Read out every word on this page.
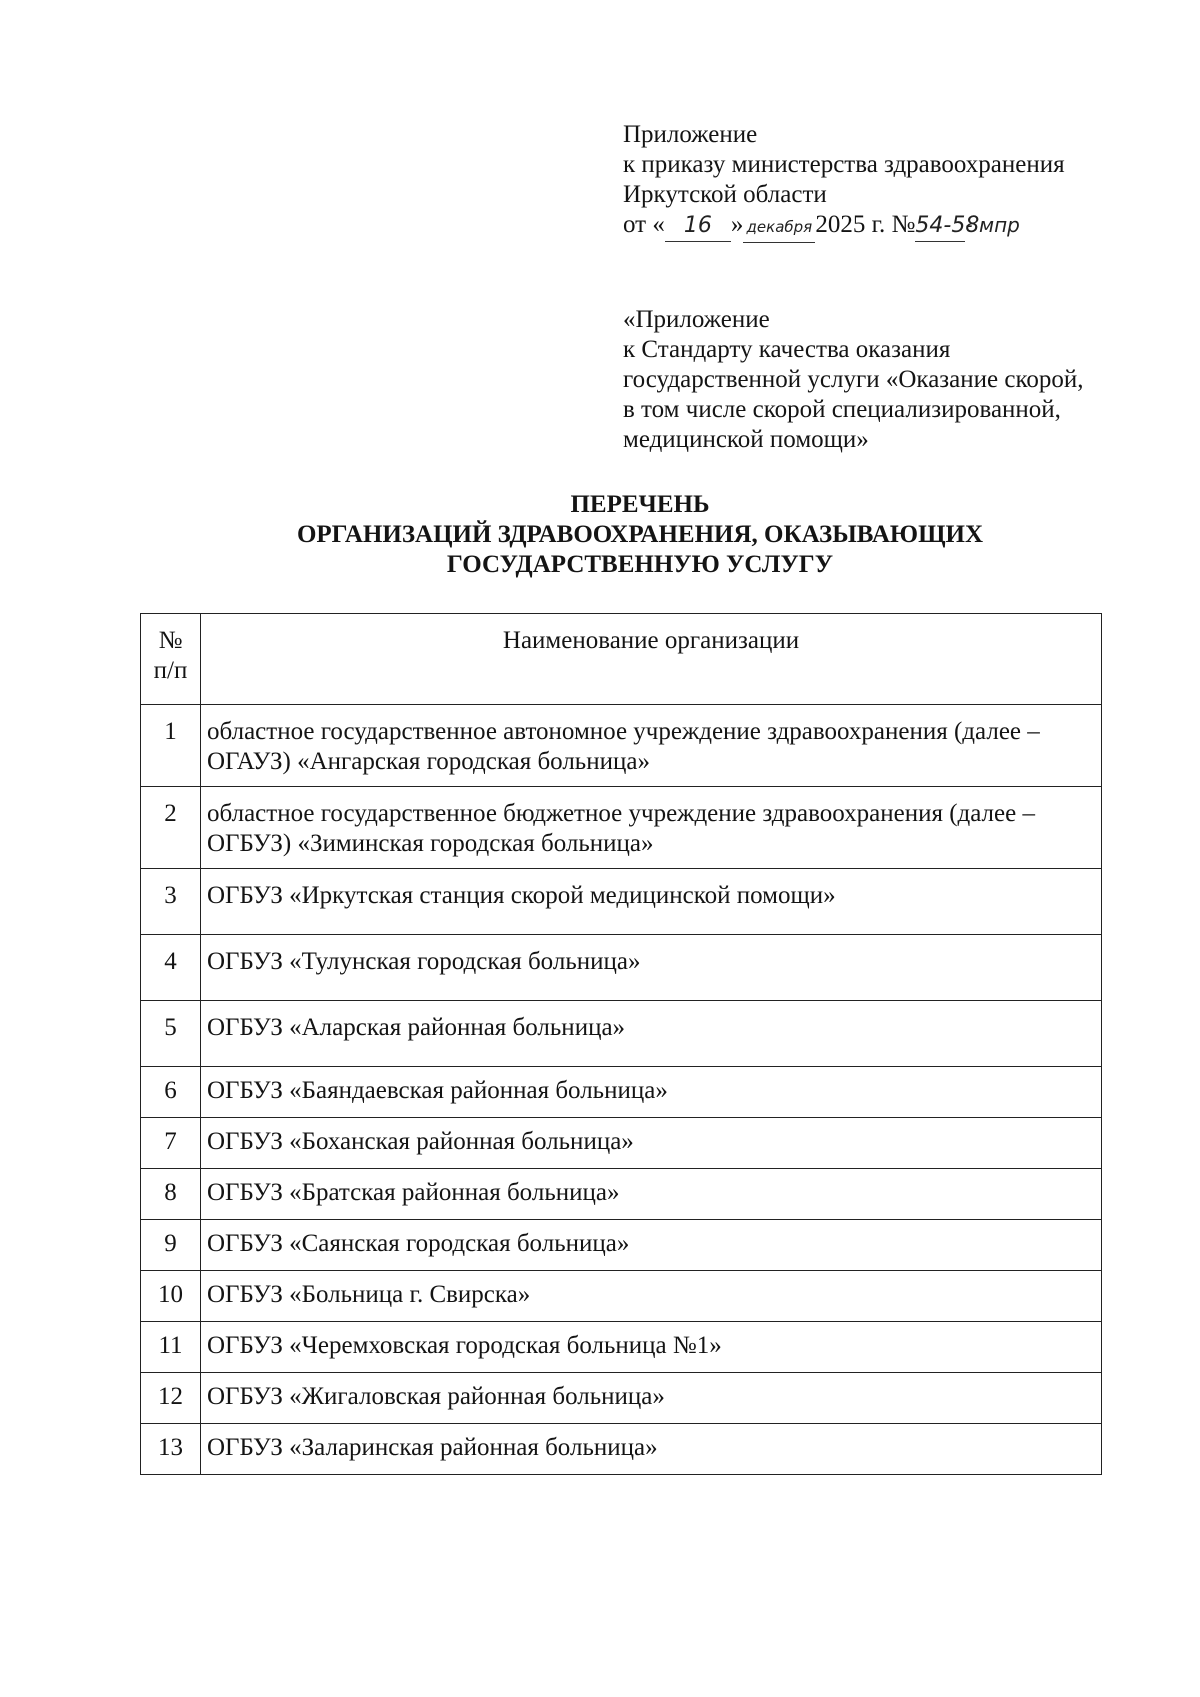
Приложение
к приказу министерства здравоохранения
Иркутской области
от « 16 » декабря 2025 г. №54-58- мпр
«Приложение
к Стандарту качества оказания
государственной услуги «Оказание скорой,
в том числе скорой специализированной,
медицинской помощи»
ПЕРЕЧЕНЬ
ОРГАНИЗАЦИЙ ЗДРАВООХРАНЕНИЯ, ОКАЗЫВАЮЩИХ
ГОСУДАРСТВЕННУЮ УСЛУГУ
№
п/п	Наименование организации
1	областное государственное автономное учреждение здравоохранения (далее – ОГАУЗ) «Ангарская городская больница»
2	областное государственное бюджетное учреждение здравоохранения (далее – ОГБУЗ) «Зиминская городская больница»
3	ОГБУЗ «Иркутская станция скорой медицинской помощи»
4	ОГБУЗ «Тулунская городская больница»
5	ОГБУЗ «Аларская районная больница»
6	ОГБУЗ «Баяндаевская районная больница»
7	ОГБУЗ «Боханская районная больница»
8	ОГБУЗ «Братская районная больница»
9	ОГБУЗ «Саянская городская больница»
10	ОГБУЗ «Больница г. Свирска»
11	ОГБУЗ «Черемховская городская больница №1»
12	ОГБУЗ «Жигаловская районная больница»
13	ОГБУЗ «Заларинская районная больница»
